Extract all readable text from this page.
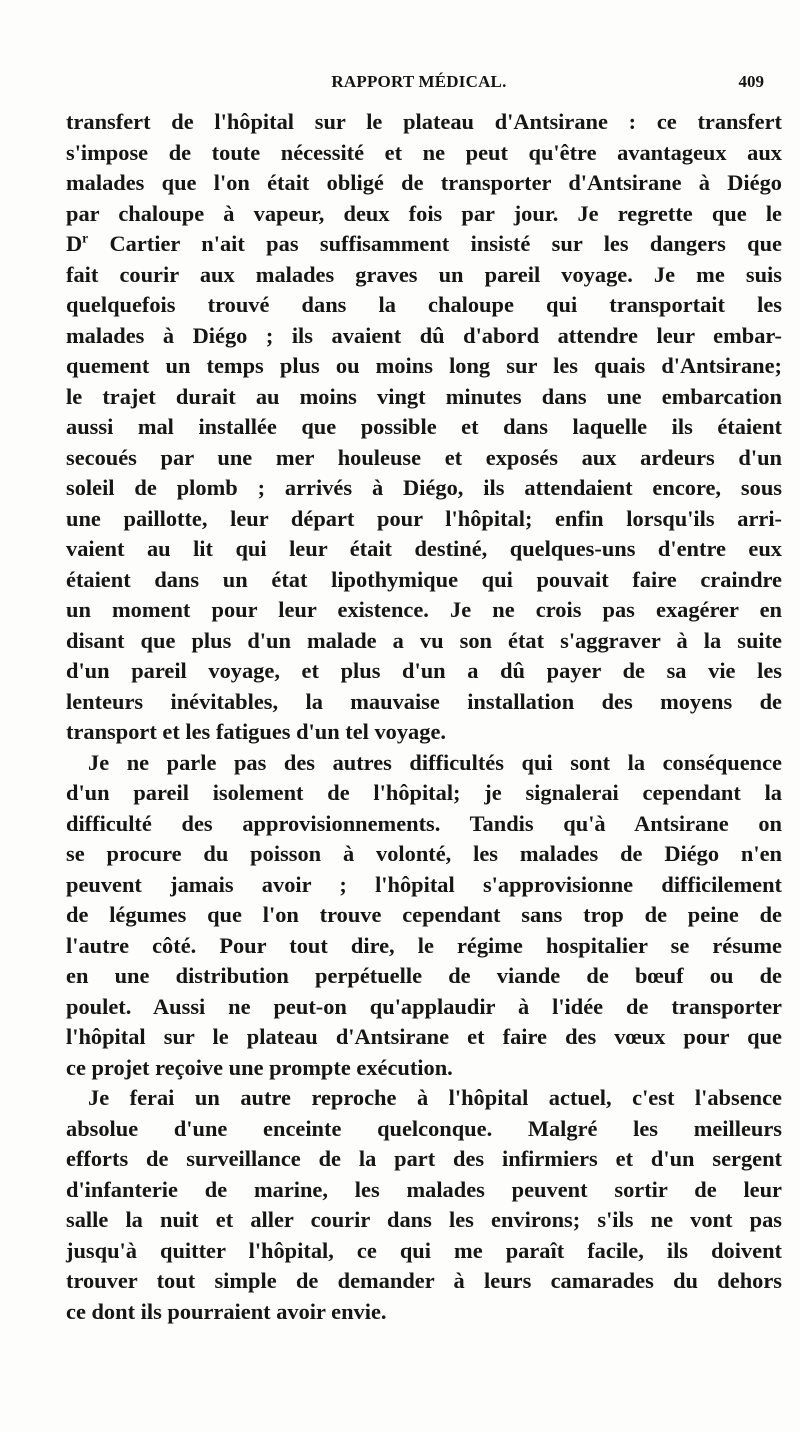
RAPPORT MÉDICAL.	409
transfert de l'hôpital sur le plateau d'Antsirane : ce transfert
s'impose de toute nécessité et ne peut qu'être avantageux aux
malades que l'on était obligé de transporter d'Antsirane à Diégo
par chaloupe à vapeur, deux fois par jour. Je regrette que le
$D^r$ Cartier n'ait pas suffisamment insisté sur les dangers que
fait courir aux malades graves un pareil voyage. Je me suis
quelquefois trouvé dans la chaloupe qui transportait les
malades à Diégo ; ils avaient dû d'abord attendre leur embar-
quement un temps plus ou moins long sur les quais d'Antsirane;
le trajet durait au moins vingt minutes dans une embarcation
aussi mal installée que possible et dans laquelle ils étaient
secoués par une mer houleuse et exposés aux ardeurs d'un
soleil de plomb ; arrivés à Diégo, ils attendaient encore, sous
une paillotte, leur départ pour l'hôpital; enfin lorsqu'ils arri-
vaient au lit qui leur était destiné, quelques-uns d'entre eux
étaient dans un état lipothymique qui pouvait faire craindre
un moment pour leur existence. Je ne crois pas exagérer en
disant que plus d'un malade a vu son état s'aggraver à la suite
d'un pareil voyage, et plus d'un a dû payer de sa vie les
lenteurs inévitables, la mauvaise installation des moyens de
transport et les fatigues d'un tel voyage.
Je ne parle pas des autres difficultés qui sont la conséquence
d'un pareil isolement de l'hôpital; je signalerai cependant la
difficulté des approvisionnements. Tandis qu'à Antsirane on
se procure du poisson à volonté, les malades de Diégo n'en
peuvent jamais avoir ; l'hôpital s'approvisionne difficilement
de légumes que l'on trouve cependant sans trop de peine de
l'autre côté. Pour tout dire, le régime hospitalier se résume
en une distribution perpétuelle de viande de bœuf ou de
poulet. Aussi ne peut-on qu'applaudir à l'idée de transporter
l'hôpital sur le plateau d'Antsirane et faire des vœux pour que
ce projet reçoive une prompte exécution.
Je ferai un autre reproche à l'hôpital actuel, c'est l'absence
absolue d'une enceinte quelconque. Malgré les meilleurs
efforts de surveillance de la part des infirmiers et d'un sergent
d'infanterie de marine, les malades peuvent sortir de leur
salle la nuit et aller courir dans les environs; s'ils ne vont pas
jusqu'à quitter l'hôpital, ce qui me paraît facile, ils doivent
trouver tout simple de demander à leurs camarades du dehors
ce dont ils pourraient avoir envie.
